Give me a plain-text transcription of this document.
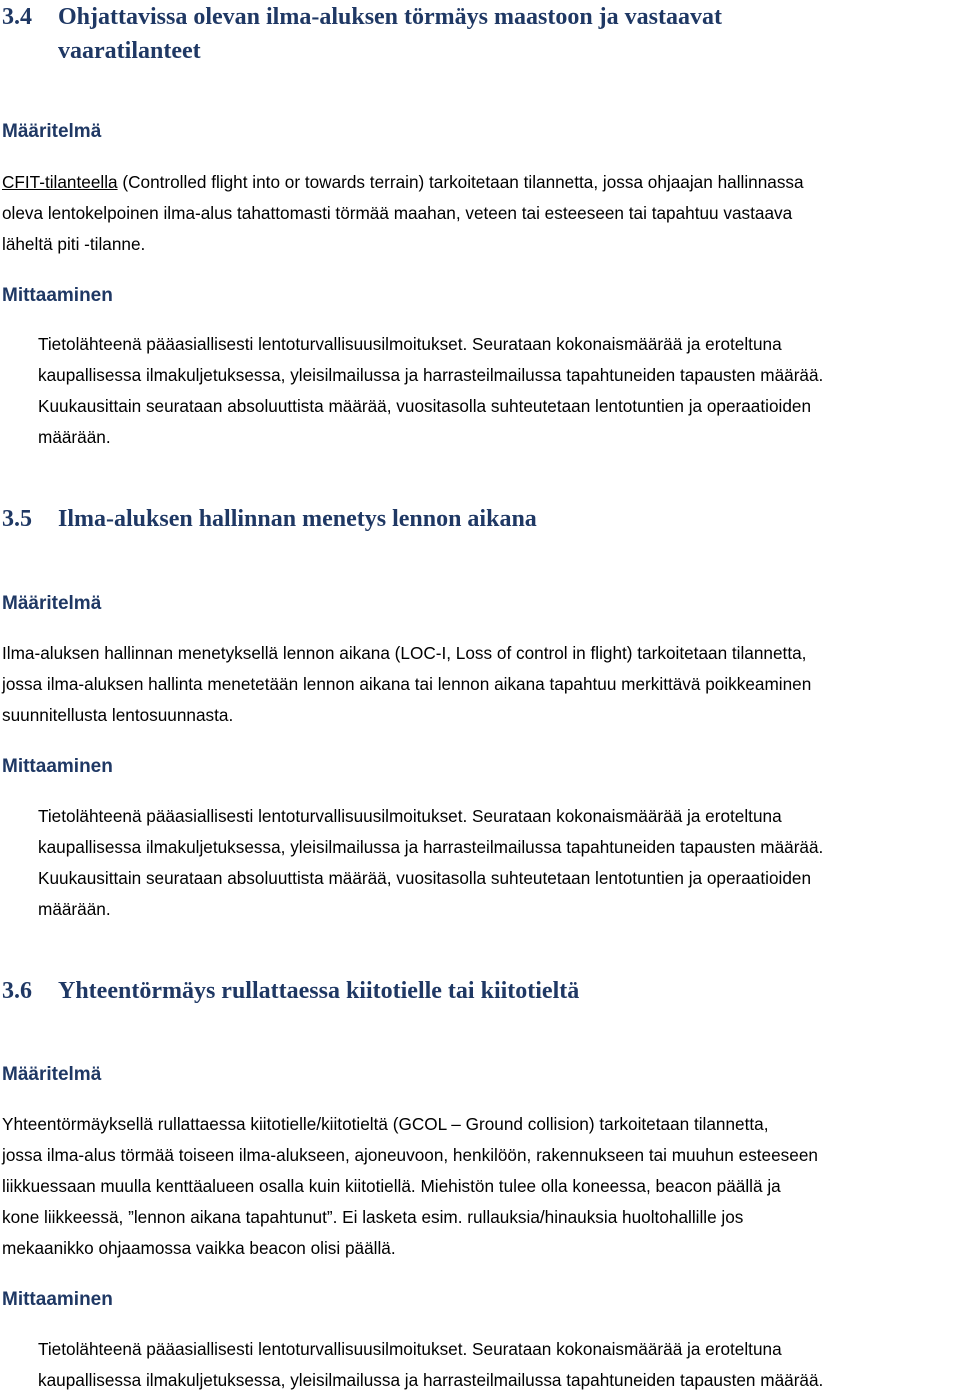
3.4 Ohjattavissa olevan ilma-aluksen törmäys maastoon ja vastaavat
vaaratilanteet
Määritelmä

CFIT-tilanteella (Controlled flight into or towards terrain) tarkoitetaan tilannetta, jossa ohjaajan hallinnassa
oleva lentokelpoinen ilma-alus tahattomasti törmää maahan, veteen tai esteeseen tai tapahtuu vastaava
läheltä piti -tilanne.

Mittaaminen

Tietolähteenä pääasiallisesti lentoturvallisuusilmoitukset. Seurataan kokonaismäärää ja eroteltuna
kaupallisessa ilmakuljetuksessa, yleisilmailussa ja harrasteilmailussa tapahtuneiden tapausten määrää.
Kuukausittain seurataan absoluuttista määrää, vuositasolla suhteutetaan lentotuntien ja operaatioiden
määrään.

3.5 Ilma-aluksen hallinnan menetys lennon aikana
Määritelmä

Ilma-aluksen hallinnan menetyksellä lennon aikana (LOC-I, Loss of control in flight) tarkoitetaan tilannetta,
jossa ilma-aluksen hallinta menetetään lennon aikana tai lennon aikana tapahtuu merkittävä poikkeaminen
suunnitellusta lentosuunnasta.

Mittaaminen

Tietolähteenä pääasiallisesti lentoturvallisuusilmoitukset. Seurataan kokonaismäärää ja eroteltuna
kaupallisessa ilmakuljetuksessa, yleisilmailussa ja harrasteilmailussa tapahtuneiden tapausten määrää.
Kuukausittain seurataan absoluuttista määrää, vuositasolla suhteutetaan lentotuntien ja operaatioiden
määrään.

3.6 Yhteentörmäys rullattaessa kiitotielle tai kiitotieltä
Määritelmä

Yhteentörmäyksellä rullattaessa kiitotielle/kiitotieltä (GCOL – Ground collision) tarkoitetaan tilannetta,
jossa ilma-alus törmää toiseen ilma-alukseen, ajoneuvoon, henkilöön, rakennukseen tai muuhun esteeseen
liikkuessaan muulla kenttäalueen osalla kuin kiitotiellä. Miehistön tulee olla koneessa, beacon päällä ja
kone liikkeessä, ”lennon aikana tapahtunut”. Ei lasketa esim. rullauksia/hinauksia huoltohallille jos
mekaanikko ohjaamossa vaikka beacon olisi päällä.

Mittaaminen

Tietolähteenä pääasiallisesti lentoturvallisuusilmoitukset. Seurataan kokonaismäärää ja eroteltuna
kaupallisessa ilmakuljetuksessa, yleisilmailussa ja harrasteilmailussa tapahtuneiden tapausten määrää.
